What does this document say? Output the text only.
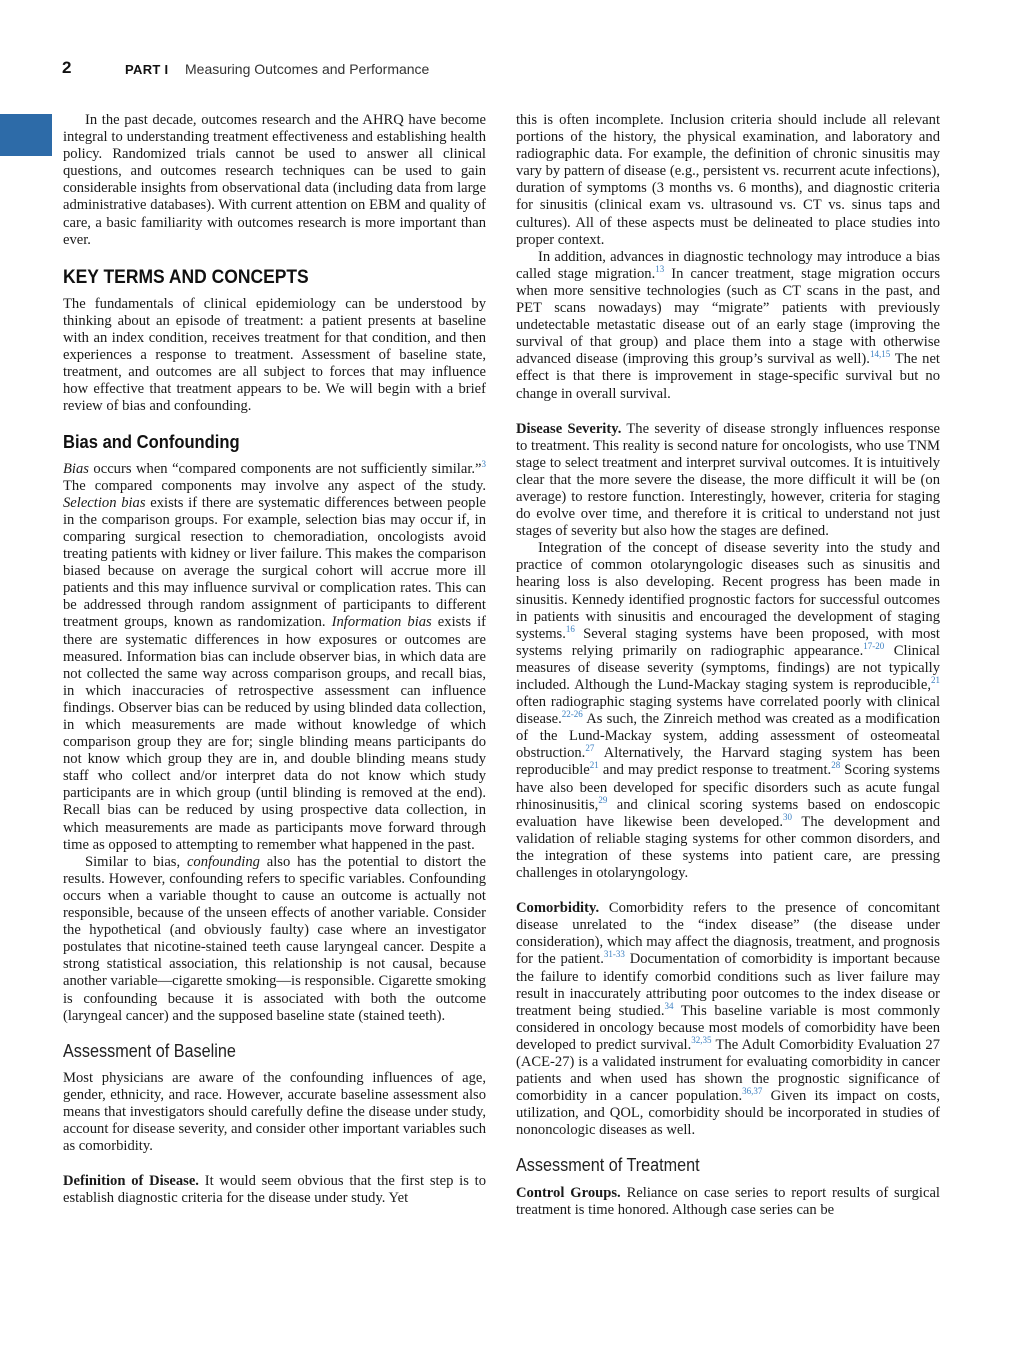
2	PART I Measuring Outcomes and Performance

In the past decade, outcomes research and the AHRQ have become integral to understanding treatment effectiveness and establishing health policy. Randomized trials cannot be used to answer all clinical questions, and outcomes research techniques can be used to gain considerable insights from observational data (including data from large administrative databases). With current attention on EBM and quality of care, a basic familiarity with outcomes research is more important than ever.

KEY TERMS AND CONCEPTS

The fundamentals of clinical epidemiology can be understood by thinking about an episode of treatment: a patient presents at baseline with an index condition, receives treatment for that condition, and then experiences a response to treatment. Assessment of baseline state, treatment, and outcomes are all subject to forces that may influence how effective that treatment appears to be. We will begin with a brief review of bias and confounding.

Bias and Confounding

Bias occurs when “compared components are not sufficiently similar.”$^3$ The compared components may involve any aspect of the study. Selection bias exists if there are systematic differences between people in the comparison groups. For example, selection bias may occur if, in comparing surgical resection to chemoradiation, oncologists avoid treating patients with kidney or liver failure. This makes the comparison biased because on average the surgical cohort will accrue more ill patients and this may influence survival or complication rates. This can be addressed through random assignment of participants to different treatment groups, known as randomization. Information bias exists if there are systematic differences in how exposures or outcomes are measured. Information bias can include observer bias, in which data are not collected the same way across comparison groups, and recall bias, in which inaccuracies of retrospective assessment can influence findings. Observer bias can be reduced by using blinded data collection, in which measurements are made without knowledge of which comparison group they are for; single blinding means participants do not know which group they are in, and double blinding means study staff who collect and/or interpret data do not know which study participants are in which group (until blinding is removed at the end). Recall bias can be reduced by using prospective data collection, in which measurements are made as participants move forward through time as opposed to attempting to remember what happened in the past.

Similar to bias, confounding also has the potential to distort the results. However, confounding refers to specific variables. Confounding occurs when a variable thought to cause an outcome is actually not responsible, because of the unseen effects of another variable. Consider the hypothetical (and obviously faulty) case where an investigator postulates that nicotine-stained teeth cause laryngeal cancer. Despite a strong statistical association, this relationship is not causal, because another variable—cigarette smoking—is responsible. Cigarette smoking is confounding because it is associated with both the outcome (laryngeal cancer) and the supposed baseline state (stained teeth).

Assessment of Baseline

Most physicians are aware of the confounding influences of age, gender, ethnicity, and race. However, accurate baseline assessment also means that investigators should carefully define the disease under study, account for disease severity, and consider other important variables such as comorbidity.

Definition of Disease. It would seem obvious that the first step is to establish diagnostic criteria for the disease under study. Yet

this is often incomplete. Inclusion criteria should include all relevant portions of the history, the physical examination, and laboratory and radiographic data. For example, the definition of chronic sinusitis may vary by pattern of disease (e.g., persistent vs. recurrent acute infections), duration of symptoms (3 months vs. 6 months), and diagnostic criteria for sinusitis (clinical exam vs. ultrasound vs. CT vs. sinus taps and cultures). All of these aspects must be delineated to place studies into proper context.

In addition, advances in diagnostic technology may introduce a bias called stage migration.$^{13}$ In cancer treatment, stage migration occurs when more sensitive technologies (such as CT scans in the past, and PET scans nowadays) may “migrate” patients with previously undetectable metastatic disease out of an early stage (improving the survival of that group) and place them into a stage with otherwise advanced disease (improving this group’s survival as well).$^{14,15}$ The net effect is that there is improvement in stage-specific survival but no change in overall survival.

Disease Severity. The severity of disease strongly influences response to treatment. This reality is second nature for oncologists, who use TNM stage to select treatment and interpret survival outcomes. It is intuitively clear that the more severe the disease, the more difficult it will be (on average) to restore function. Interestingly, however, criteria for staging do evolve over time, and therefore it is critical to understand not just stages of severity but also how the stages are defined.

Integration of the concept of disease severity into the study and practice of common otolaryngologic diseases such as sinusitis and hearing loss is also developing. Recent progress has been made in sinusitis. Kennedy identified prognostic factors for successful outcomes in patients with sinusitis and encouraged the development of staging systems.$^{16}$ Several staging systems have been proposed, with most systems relying primarily on radiographic appearance.$^{17-20}$ Clinical measures of disease severity (symptoms, findings) are not typically included. Although the Lund-Mackay staging system is reproducible,$^{21}$ often radiographic staging systems have correlated poorly with clinical disease.$^{22-26}$ As such, the Zinreich method was created as a modification of the Lund-Mackay system, adding assessment of osteomeatal obstruction.$^{27}$ Alternatively, the Harvard staging system has been reproducible$^{21}$ and may predict response to treatment.$^{28}$ Scoring systems have also been developed for specific disorders such as acute fungal rhinosinusitis,$^{29}$ and clinical scoring systems based on endoscopic evaluation have likewise been developed.$^{30}$ The development and validation of reliable staging systems for other common disorders, and the integration of these systems into patient care, are pressing challenges in otolaryngology.

Comorbidity. Comorbidity refers to the presence of concomitant disease unrelated to the “index disease” (the disease under consideration), which may affect the diagnosis, treatment, and prognosis for the patient.$^{31-33}$ Documentation of comorbidity is important because the failure to identify comorbid conditions such as liver failure may result in inaccurately attributing poor outcomes to the index disease or treatment being studied.$^{34}$ This baseline variable is most commonly considered in oncology because most models of comorbidity have been developed to predict survival.$^{32,35}$ The Adult Comorbidity Evaluation 27 (ACE-27) is a validated instrument for evaluating comorbidity in cancer patients and when used has shown the prognostic significance of comorbidity in a cancer population.$^{36,37}$ Given its impact on costs, utilization, and QOL, comorbidity should be incorporated in studies of nononcologic diseases as well.

Assessment of Treatment

Control Groups. Reliance on case series to report results of surgical treatment is time honored. Although case series can be
